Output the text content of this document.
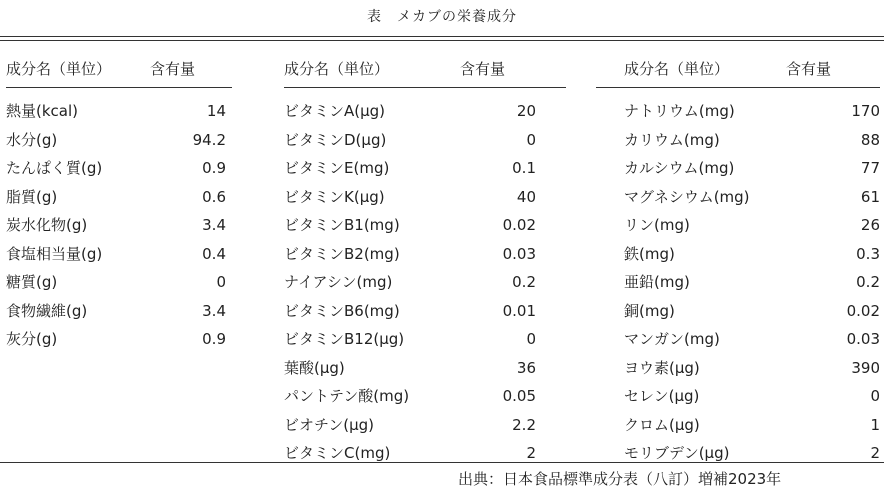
表　メカブの栄養成分
成分名（単位）	含有量
熱量(kcal)	14
水分(g)	94.2
たんぱく質(g)	0.9
脂質(g)	0.6
炭水化物(g)	3.4
食塩相当量(g)	0.4
糖質(g)	0
食物繊維(g)	3.4
灰分(g)	0.9
成分名（単位）	含有量
ビタミンA(μg)	20
ビタミンD(μg)	0
ビタミンE(mg)	0.1
ビタミンK(μg)	40
ビタミンB1(mg)	0.02
ビタミンB2(mg)	0.03
ナイアシン(mg)	0.2
ビタミンB6(mg)	0.01
ビタミンB12(μg)	0
葉酸(μg)	36
パントテン酸(mg)	0.05
ビオチン(μg)	2.2
ビタミンC(mg)	2
成分名（単位）	含有量
ナトリウム(mg)	170
カリウム(mg)	88
カルシウム(mg)	77
マグネシウム(mg)	61
リン(mg)	26
鉄(mg)	0.3
亜鉛(mg)	0.2
銅(mg)	0.02
マンガン(mg)	0.03
ヨウ素(μg)	390
セレン(μg)	0
クロム(μg)	1
モリブデン(μg)	2
出典：日本食品標準成分表（八訂）増補2023年
